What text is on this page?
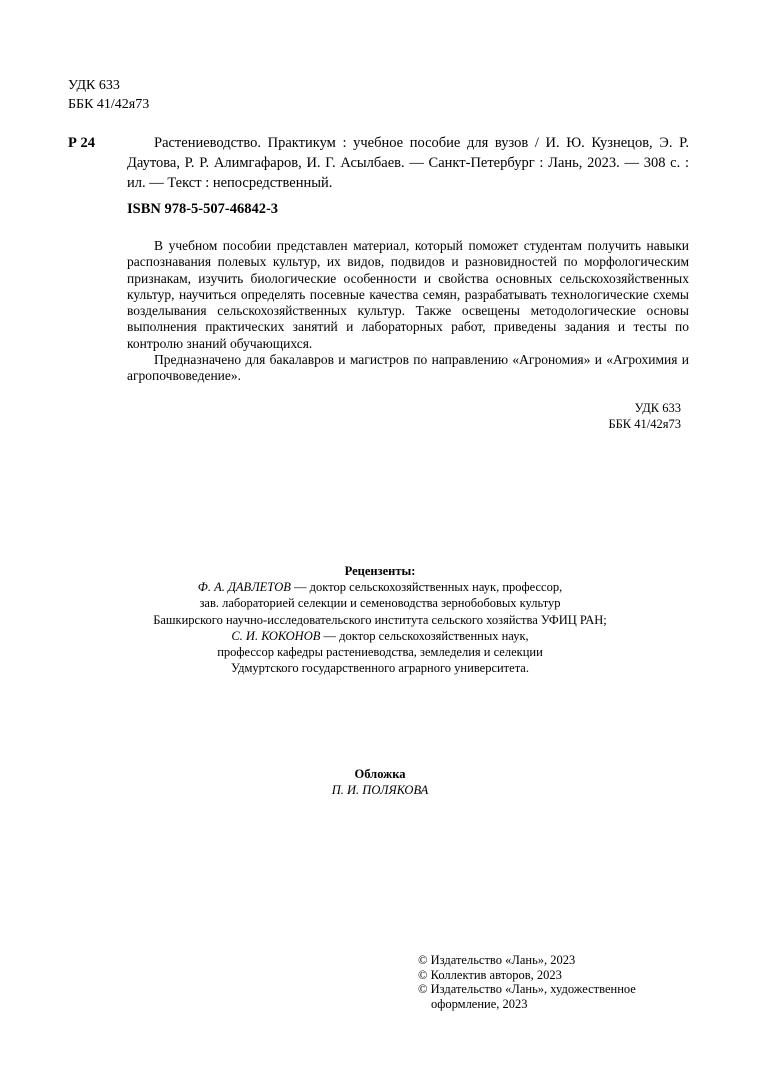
УДК 633
ББК 41/42я73
Р 24	Растениеводство. Практикум : учебное пособие для вузов / И. Ю. Кузнецов, Э. Р. Даутова, Р. Р. Алимгафаров, И. Г. Асылбаев. — Санкт-Петербург : Лань, 2023. — 308 с. : ил. — Текст : непосредственный.
ISBN 978-5-507-46842-3

В учебном пособии представлен материал, который поможет студентам получить навыки распознавания полевых культур, их видов, подвидов и разновидностей по морфологическим признакам, изучить биологические особенности и свойства основных сельскохозяйственных культур, научиться определять посевные качества семян, разрабатывать технологические схемы возделывания сельскохозяйственных культур. Также освещены методологические основы выполнения практических занятий и лабораторных работ, приведены задания и тесты по контролю знаний обучающихся.

Предназначено для бакалавров и магистров по направлению «Агрономия» и «Агрохимия и агропочвоведение».

УДК 633
ББК 41/42я73
Рецензенты:
Ф. А. ДАВЛЕТОВ — доктор сельскохозяйственных наук, профессор,
зав. лабораторией селекции и семеноводства зернобобовых культур
Башкирского научно-исследовательского института сельского хозяйства УФИЦ РАН;
С. И. КОКОНОВ — доктор сельскохозяйственных наук,
профессор кафедры растениеводства, земледелия и селекции
Удмуртского государственного аграрного университета.
Обложка
П. И. ПОЛЯКОВА
© Издательство «Лань», 2023
© Коллектив авторов, 2023
© Издательство «Лань», художественное оформление, 2023
